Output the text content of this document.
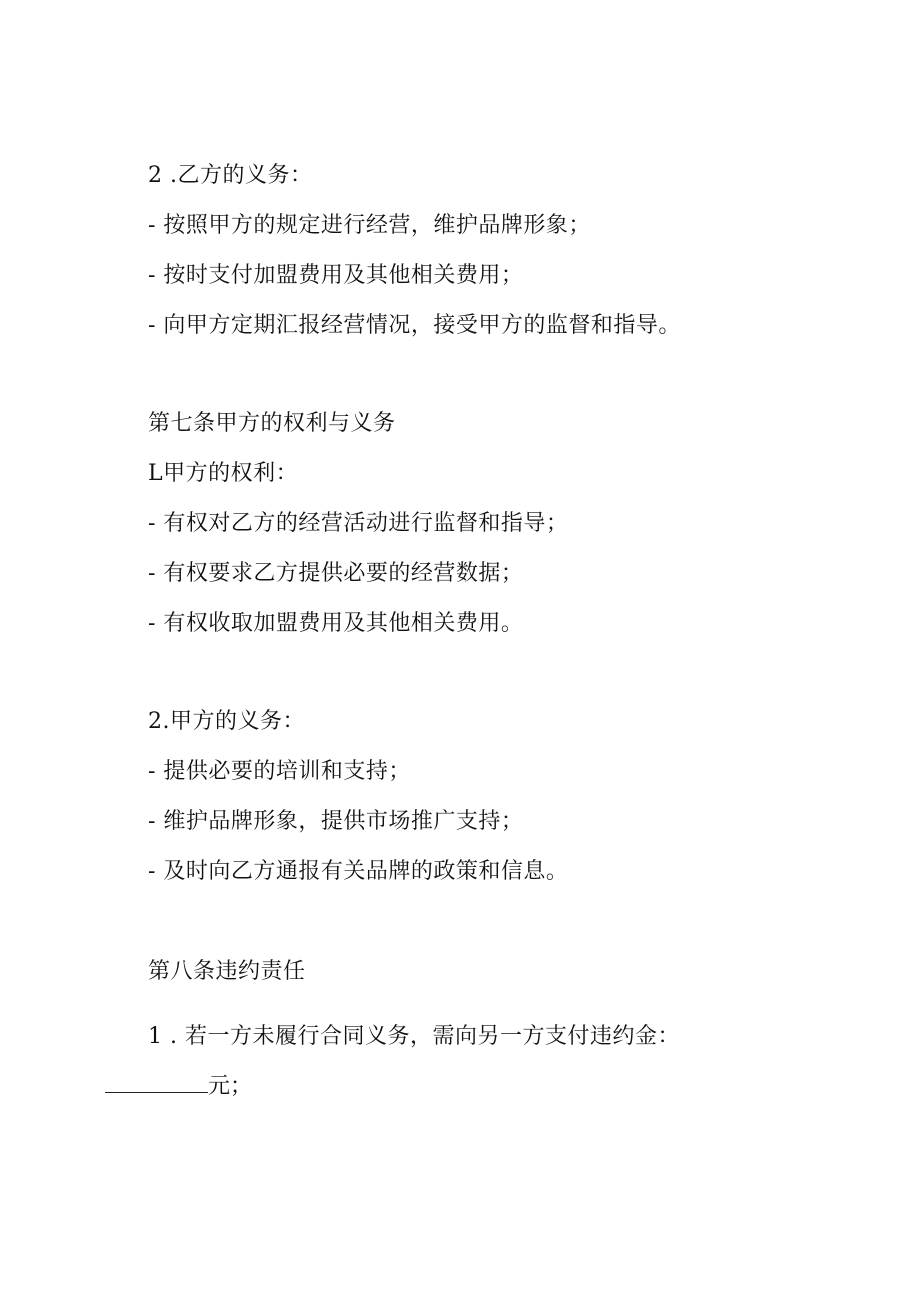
2 .乙方的义务：
- 按照甲方的规定进行经营，维护品牌形象；
- 按时支付加盟费用及其他相关费用；
- 向甲方定期汇报经营情况，接受甲方的监督和指导。
第七条甲方的权利与义务
L甲方的权利：
- 有权对乙方的经营活动进行监督和指导；
- 有权要求乙方提供必要的经营数据；
- 有权收取加盟费用及其他相关费用。
2.甲方的义务：
- 提供必要的培训和支持；
- 维护品牌形象，提供市场推广支持；
- 及时向乙方通报有关品牌的政策和信息。
第八条违约责任
1 . 若一方未履行合同义务，需向另一方支付违约金：
元；
